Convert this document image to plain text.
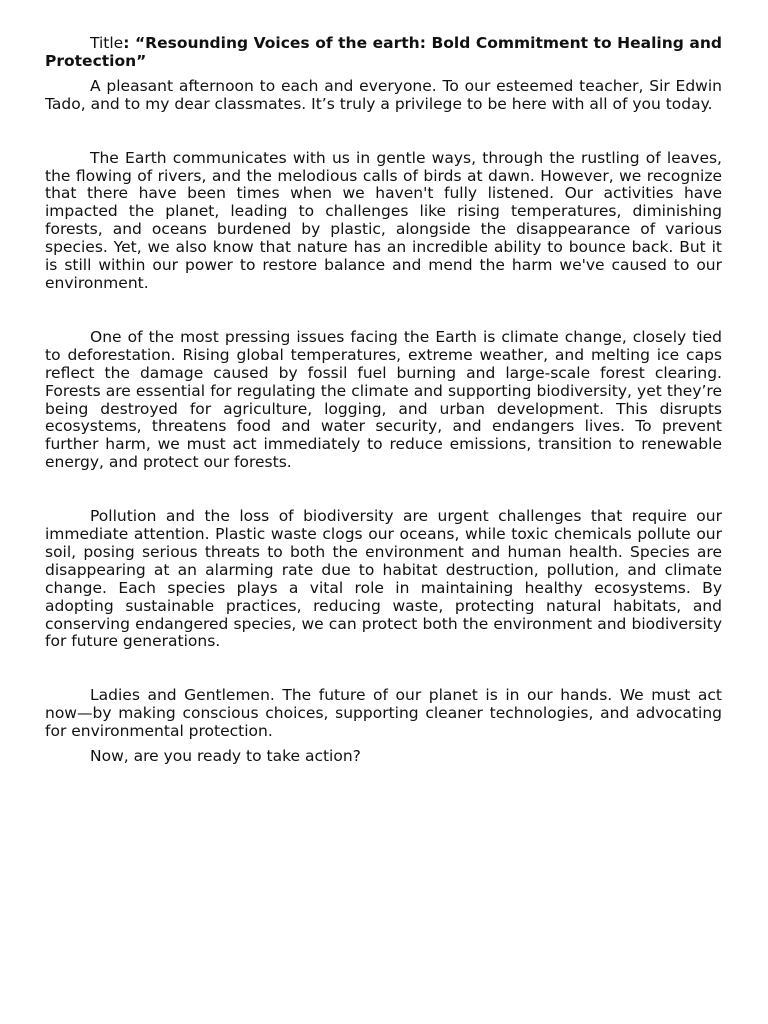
Title: “Resounding Voices of the earth: Bold Commitment to Healing and Protection”

A pleasant afternoon to each and everyone. To our esteemed teacher, Sir Edwin Tado, and to my dear classmates. It’s truly a privilege to be here with all of you today.

The Earth communicates with us in gentle ways, through the rustling of leaves, the flowing of rivers, and the melodious calls of birds at dawn. However, we recognize that there have been times when we haven't fully listened. Our activities have impacted the planet, leading to challenges like rising temperatures, diminishing forests, and oceans burdened by plastic, alongside the disappearance of various species. Yet, we also know that nature has an incredible ability to bounce back. But it is still within our power to restore balance and mend the harm we've caused to our environment.

One of the most pressing issues facing the Earth is climate change, closely tied to deforestation. Rising global temperatures, extreme weather, and melting ice caps reflect the damage caused by fossil fuel burning and large-scale forest clearing. Forests are essential for regulating the climate and supporting biodiversity, yet they’re being destroyed for agriculture, logging, and urban development. This disrupts ecosystems, threatens food and water security, and endangers lives. To prevent further harm, we must act immediately to reduce emissions, transition to renewable energy, and protect our forests.

Pollution and the loss of biodiversity are urgent challenges that require our immediate attention. Plastic waste clogs our oceans, while toxic chemicals pollute our soil, posing serious threats to both the environment and human health. Species are disappearing at an alarming rate due to habitat destruction, pollution, and climate change. Each species plays a vital role in maintaining healthy ecosystems. By adopting sustainable practices, reducing waste, protecting natural habitats, and conserving endangered species, we can protect both the environment and biodiversity for future generations.

Ladies and Gentlemen. The future of our planet is in our hands. We must act now—by making conscious choices, supporting cleaner technologies, and advocating for environmental protection.

Now, are you ready to take action?
